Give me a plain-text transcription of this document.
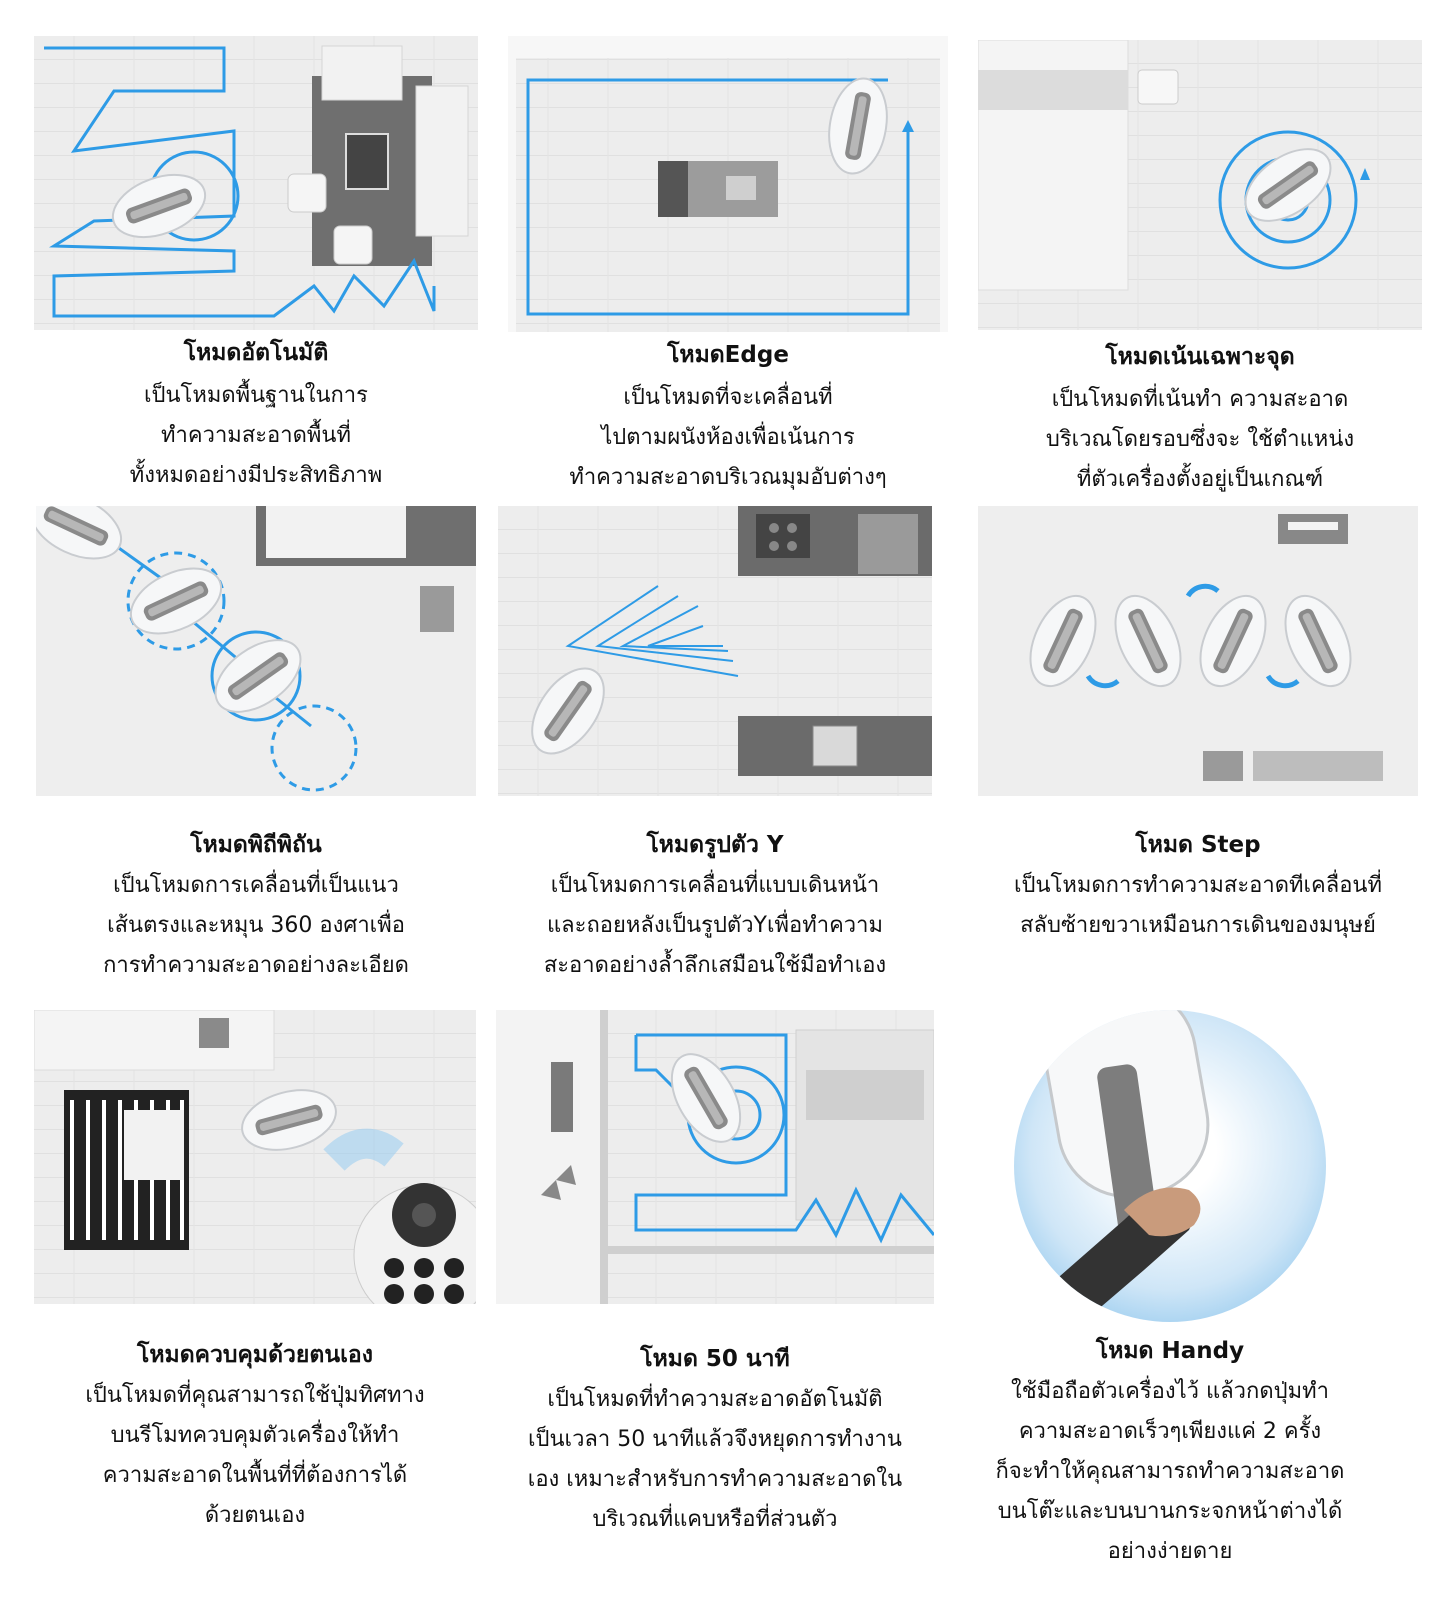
โหมดอัตโนมัติ
เป็นโหมดพื้นฐานในการ
ทำความสะอาดพื้นที่
ทั้งหมดอย่างมีประสิทธิภาพ
โหมดEdge
เป็นโหมดที่จะเคลื่อนที่
ไปตามผนังห้องเพื่อเน้นการ
ทำความสะอาดบริเวณมุมอับต่างๆ
โหมดเน้นเฉพาะจุด
เป็นโหมดที่เน้นทำ ความสะอาด
บริเวณโดยรอบซึ่งจะ ใช้ตำแหน่ง
ที่ตัวเครื่องตั้งอยู่เป็นเกณฑ์
โหมดพิถีพิถัน
เป็นโหมดการเคลื่อนที่เป็นแนว
เส้นตรงและหมุน 360 องศาเพื่อ
การทำความสะอาดอย่างละเอียด
โหมดรูปตัว Y
เป็นโหมดการเคลื่อนที่แบบเดินหน้า
และถอยหลังเป็นรูปตัวYเพื่อทำความ
สะอาดอย่างล้ำลึกเสมือนใช้มือทำเอง
โหมด Step
เป็นโหมดการทำความสะอาดทีเคลื่อนที่
สลับซ้ายขวาเหมือนการเดินของมนุษย์
โหมดควบคุมด้วยตนเอง
เป็นโหมดที่คุณสามารถใช้ปุ่มทิศทาง
บนรีโมทควบคุมตัวเครื่องให้ทำ
ความสะอาดในพื้นที่ที่ต้องการได้
ด้วยตนเอง
โหมด 50 นาที
เป็นโหมดที่ทำความสะอาดอัตโนมัติ
เป็นเวลา 50 นาทีแล้วจึงหยุดการทำงาน
เอง เหมาะสำหรับการทำความสะอาดใน
บริเวณที่แคบหรือที่ส่วนตัว
โหมด Handy
ใช้มือถือตัวเครื่องไว้ แล้วกดปุ่มทำ
ความสะอาดเร็วๆเพียงแค่ 2 ครั้ง
ก็จะทำให้คุณสามารถทำความสะอาด
บนโต๊ะและบนบานกระจกหน้าต่างได้
อย่างง่ายดาย
